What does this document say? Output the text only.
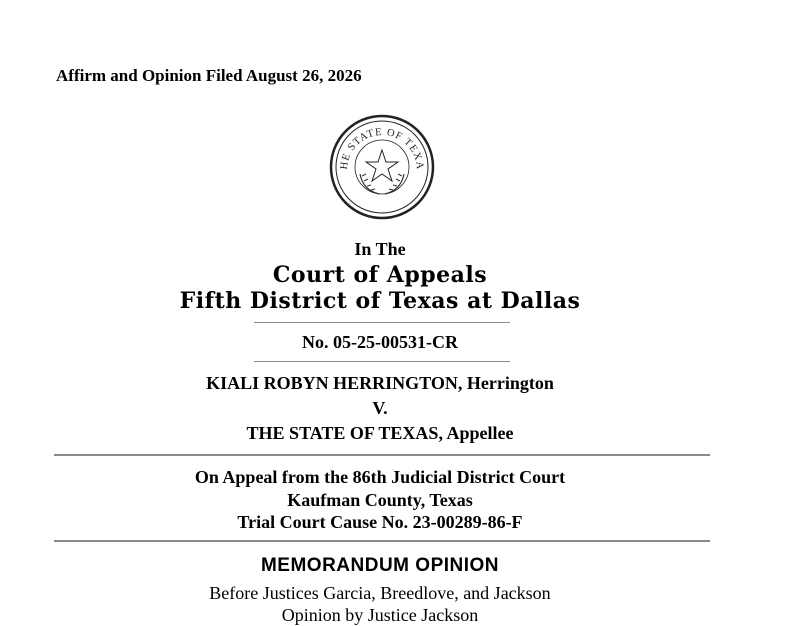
Affirm and Opinion Filed August 26, 2026
HE STATE OF TEXA
In The
Court of Appeals
Fifth District of Texas at Dallas
No. 05-25-00531-CR
KIALI ROBYN HERRINGTON, Herrington
V.
THE STATE OF TEXAS, Appellee
On Appeal from the 86th Judicial District Court
Kaufman County, Texas
Trial Court Cause No. 23-00289-86-F
MEMORANDUM OPINION
Before Justices Garcia, Breedlove, and Jackson
Opinion by Justice Jackson
